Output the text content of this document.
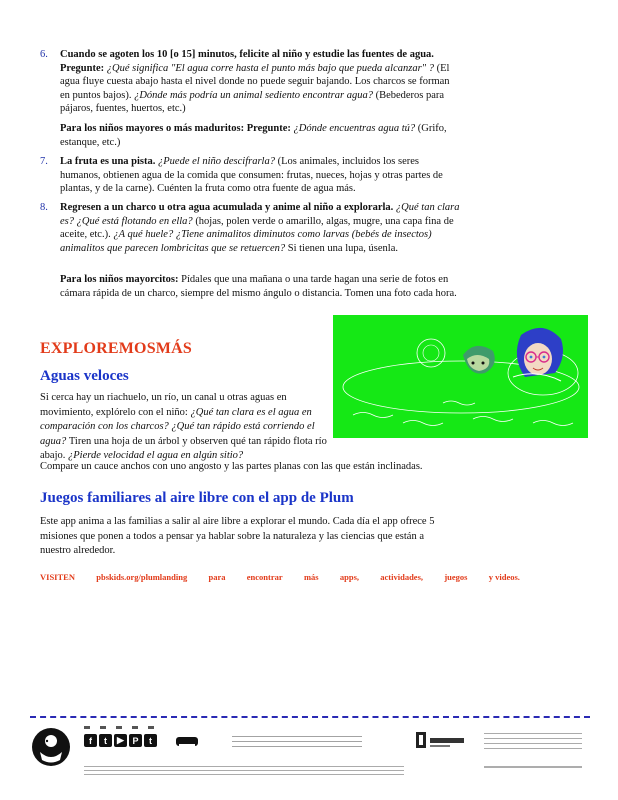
6. Cuando se agoten los 10 [o 15] minutos, felicite al niño y estudie las fuentes de agua. Pregunte: ¿Qué significa "El agua corre hasta el punto más bajo que pueda alcanzar" ? (El agua fluye cuesta abajo hasta el nivel donde no puede seguir bajando. Los charcos se forman en puntos bajos). ¿Dónde más podría un animal sediento encontrar agua? (Bebederos para pájaros, fuentes, huertos, etc.)
Para los niños mayores o más maduritos: Pregunte: ¿Dónde encuentras agua tú? (Grifo, estanque, etc.)
7. La fruta es una pista. ¿Puede el niño descifrarla? (Los animales, incluidos los seres humanos, obtienen agua de la comida que consumen: frutas, nueces, hojas y otras partes de plantas, y de la carne). Cuénten la fruta como otra fuente de agua más.
8. Regresen a un charco u otra agua acumulada y anime al niño a explorarla. ¿Qué tan clara es? ¿Qué está flotando en ella? (hojas, polen verde o amarillo, algas, mugre, una capa fina de aceite, etc.). ¿A qué huele? ¿Tiene animalitos diminutos como larvas (bebés de insectos) animalitos que parecen lombricitas que se retuercen? Si tienen una lupa, úsenla.
Para los niños mayorcitos: Pídales que una mañana o una tarde hagan una serie de fotos en cámara rápida de un charco, siempre del mismo ángulo o distancia. Tomen una foto cada hora.
EXPLOREMOSMÁS
Aguas veloces
Si cerca hay un riachuelo, un río, un canal u otras aguas en movimiento, explórelo con el niño: ¿Qué tan clara es el agua en comparación con los charcos? ¿Qué tan rápido está corriendo el agua? Tiren una hoja de un árbol y observen qué tan rápido flota río abajo. ¿Pierde velocidad el agua en algún sitio?
Compare un cauce anchos con uno angosto y las partes planas con las que están inclinadas.
Juegos familiares al aire libre con el app de Plum
Este app anima a las familias a salir al aire libre a explorar el mundo. Cada día el app ofrece 5 misiones que ponen a todos a pensar ya hablar sobre la naturaleza y las ciencias que están a nuestro alrededor.
VISITEN	pbskids.org/plumlanding	para	encontrar	más	apps,	actividades,	juegos	y videos.
f	t	▶ P	t
